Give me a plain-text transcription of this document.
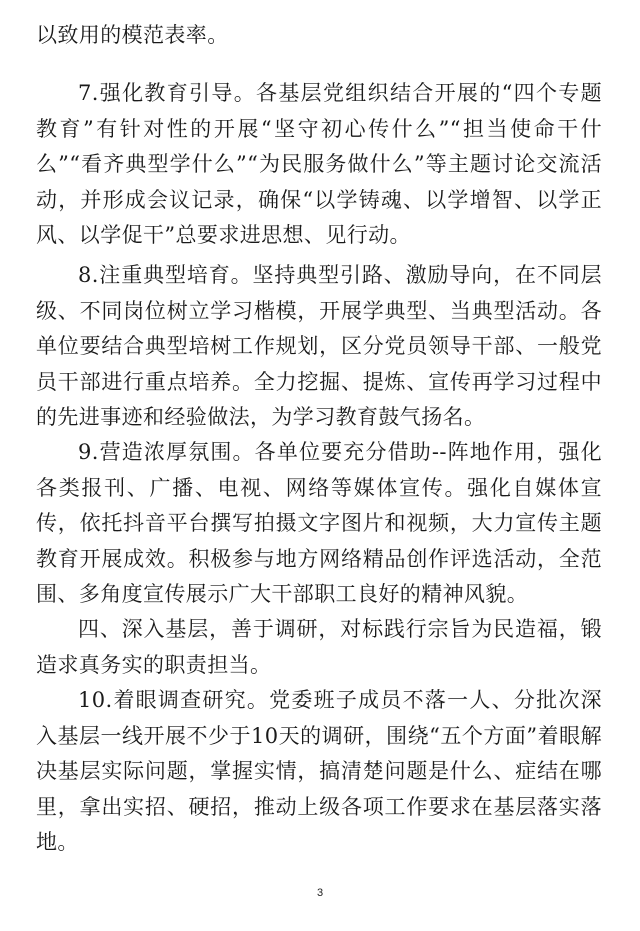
以致用的模范表率。

7.强化教育引导。各基层党组织结合开展的“四个专题教育”有针对性的开展“坚守初心传什么”“担当使命干什么”“看齐典型学什么”“为民服务做什么”等主题讨论交流活动，并形成会议记录，确保“以学铸魂、以学增智、以学正风、以学促干”总要求进思想、见行动。

8.注重典型培育。坚持典型引路、激励导向，在不同层级、不同岗位树立学习楷模，开展学典型、当典型活动。各单位要结合典型培树工作规划，区分党员领导干部、一般党员干部进行重点培养。全力挖掘、提炼、宣传再学习过程中的先进事迹和经验做法，为学习教育鼓气扬名。

9.营造浓厚氛围。各单位要充分借助--阵地作用，强化各类报刊、广播、电视、网络等媒体宣传。强化自媒体宣传，依托抖音平台撰写拍摄文字图片和视频，大力宣传主题教育开展成效。积极参与地方网络精品创作评选活动，全范围、多角度宣传展示广大干部职工良好的精神风貌。

四、深入基层，善于调研，对标践行宗旨为民造福，锻造求真务实的职责担当。

10.着眼调查研究。党委班子成员不落一人、分批次深入基层一线开展不少于10天的调研，围绕“五个方面”着眼解决基层实际问题，掌握实情，搞清楚问题是什么、症结在哪里，拿出实招、硬招，推动上级各项工作要求在基层落实落地。

3
